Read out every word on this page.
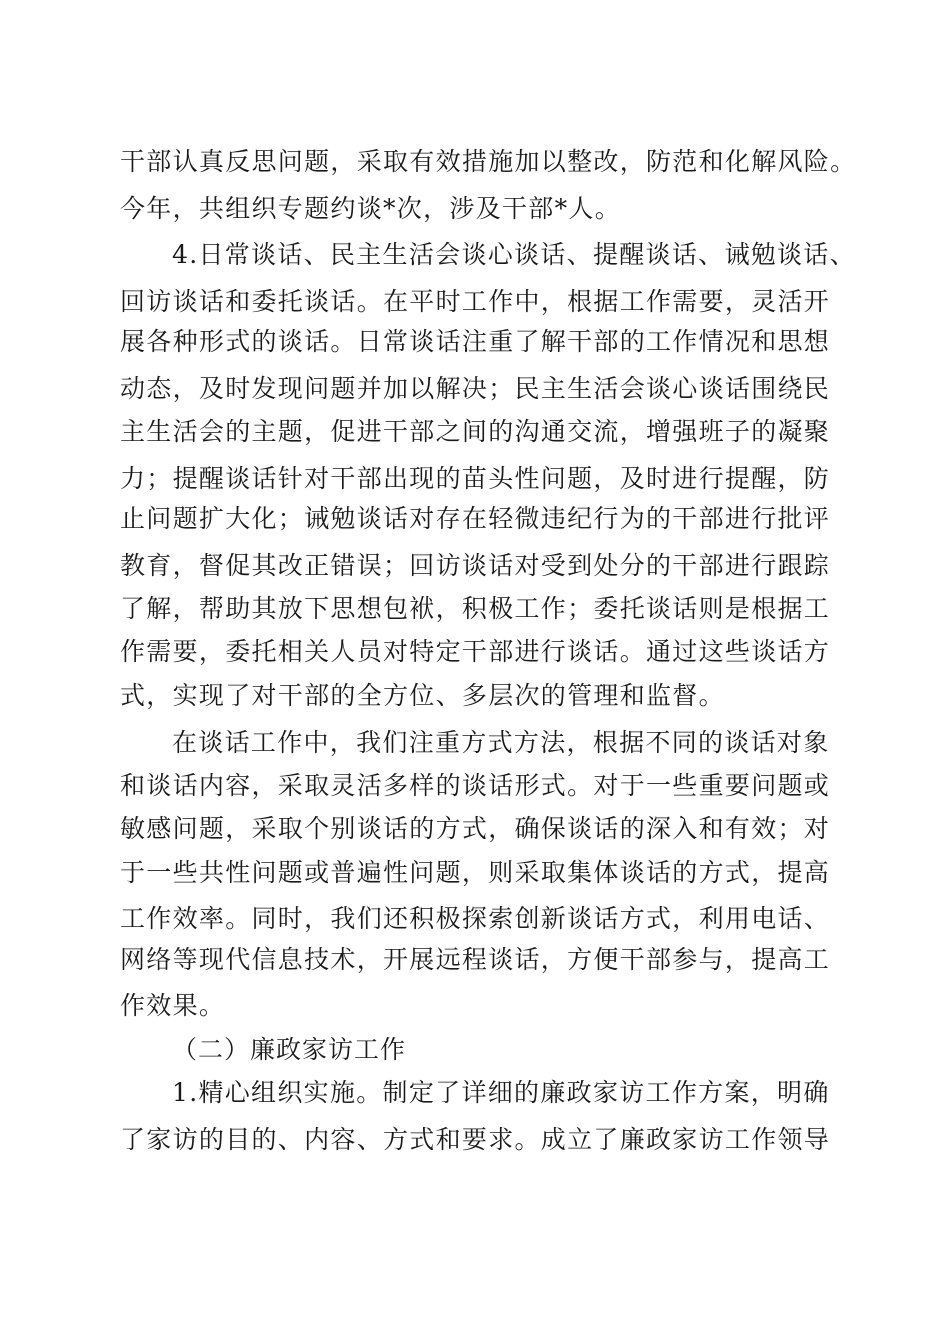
干部认真反思问题，采取有效措施加以整改，防范和化解风险。
今年，共组织专题约谈*次，涉及干部*人。
4.日常谈话、民主生活会谈心谈话、提醒谈话、诫勉谈话、
回访谈话和委托谈话。在平时工作中，根据工作需要，灵活开
展各种形式的谈话。日常谈话注重了解干部的工作情况和思想
动态，及时发现问题并加以解决；民主生活会谈心谈话围绕民
主生活会的主题，促进干部之间的沟通交流，增强班子的凝聚
力；提醒谈话针对干部出现的苗头性问题，及时进行提醒，防
止问题扩大化；诫勉谈话对存在轻微违纪行为的干部进行批评
教育，督促其改正错误；回访谈话对受到处分的干部进行跟踪
了解，帮助其放下思想包袱，积极工作；委托谈话则是根据工
作需要，委托相关人员对特定干部进行谈话。通过这些谈话方
式，实现了对干部的全方位、多层次的管理和监督。
在谈话工作中，我们注重方式方法，根据不同的谈话对象
和谈话内容，采取灵活多样的谈话形式。对于一些重要问题或
敏感问题，采取个别谈话的方式，确保谈话的深入和有效；对
于一些共性问题或普遍性问题，则采取集体谈话的方式，提高
工作效率。同时，我们还积极探索创新谈话方式，利用电话、
网络等现代信息技术，开展远程谈话，方便干部参与，提高工
作效果。
（二）廉政家访工作
1.精心组织实施。制定了详细的廉政家访工作方案，明确
了家访的目的、内容、方式和要求。成立了廉政家访工作领导
